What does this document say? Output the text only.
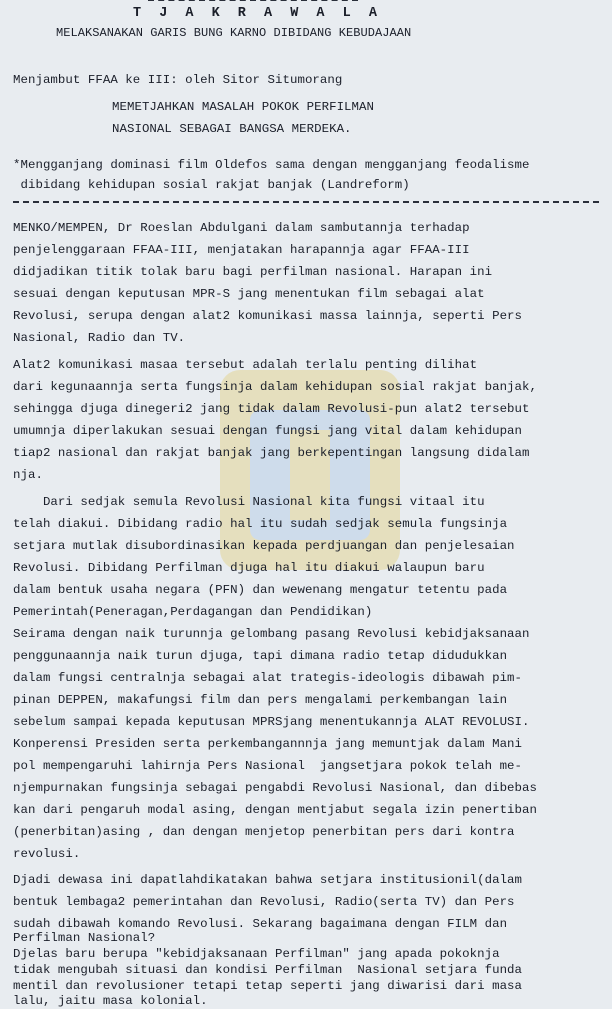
T J A K R A W A L A
MELAKSANAKAN GARIS BUNG KARNO DIBIDANG KEBUDAJAAN
Menjambut FFAA ke III: oleh Sitor Situmorang
MEMETJAHKAN MASALAH POKOK PERFILMAN
NASIONAL SEBAGAI BANGSA MERDEKA.
*Mengganjang dominasi film Oldefos sama dengan mengganjang feodalisme
dibidang kehidupan sosial rakjat banjak (Landreform)
MENKO/MEMPEN, Dr Roeslan Abdulgani dalam sambutannja terhadap
penjelenggaraan FFAA-III, menjatakan harapannja agar FFAA-III
didjadikan titik tolak baru bagi perfilman nasional. Harapan ini
sesuai dengan keputusan MPR-S jang menentukan film sebagai alat
Revolusi, serupa dengan alat2 komunikasi massa lainnja, seperti Pers
Nasional, Radio dan TV.
Alat2 komunikasi masaa tersebut adalah terlalu penting dilihat
dari kegunaannja serta fungsinja dalam kehidupan sosial rakjat banjak,
sehingga djuga dinegeri2 jang tidak dalam Revolusi-pun alat2 tersebut
umumnja diperlakukan sesuai dengan fungsi jang vital dalam kehidupan
tiap2 nasional dan rakjat banjak jang berkepentingan langsung didalam
nja.
Dari sedjak semula Revolusi Nasional kita fungsi vitaal itu
telah diakui. Dibidang radio hal itu sudah sedjak semula fungsinja
setjara mutlak disubordinasikan kepada perdjuangan dan penjelesaian
Revolusi. Dibidang Perfilman djuga hal itu diakui walaupun baru
dalam bentuk usaha negara (PFN) dan wewenang mengatur tetentu pada
Pemerintah(Peneragan,Perdagangan dan Pendidikan)
Seirama dengan naik turunnja gelombang pasang Revolusi kebidjaksanaan
penggunaannja naik turun djuga, tapi dimana radio tetap didudukkan
dalam fungsi centralnja sebagai alat trategis-ideologis dibawah pim-
pinan DEPPEN, makafungsi film dan pers mengalami perkembangan lain
sebelum sampai kepada keputusan MPRSjang menentukannja ALAT REVOLUSI.
Konperensi Presiden serta perkembangannnja jang memuntjak dalam Mani
pol mempengaruhi lahirnja Pers Nasional  jangsetjara pokok telah me-
njempurnakan fungsinja sebagai pengabdi Revolusi Nasional, dan dibebas
kan dari pengaruh modal asing, dengan mentjabut segala izin penertiban
(penerbitan)asing , dan dengan menjetop penerbitan pers dari kontra
revolusi.
Djadi dewasa ini dapatlahdikatakan bahwa setjara institusionil(dalam
bentuk lembaga2 pemerintahan dan Revolusi, Radio(serta TV) dan Pers
sudah dibawah komando Revolusi. Sekarang bagaimana dengan FILM dan
Perfilman Nasional?
Djelas baru berupa "kebidjaksanaan Perfilman" jang apada pokoknja
tidak mengubah situasi dan kondisi Perfilman  Nasional setjara funda
mentil dan revolusioner tetapi tetap seperti jang diwarisi dari masa
lalu, jaitu masa kolonial.
